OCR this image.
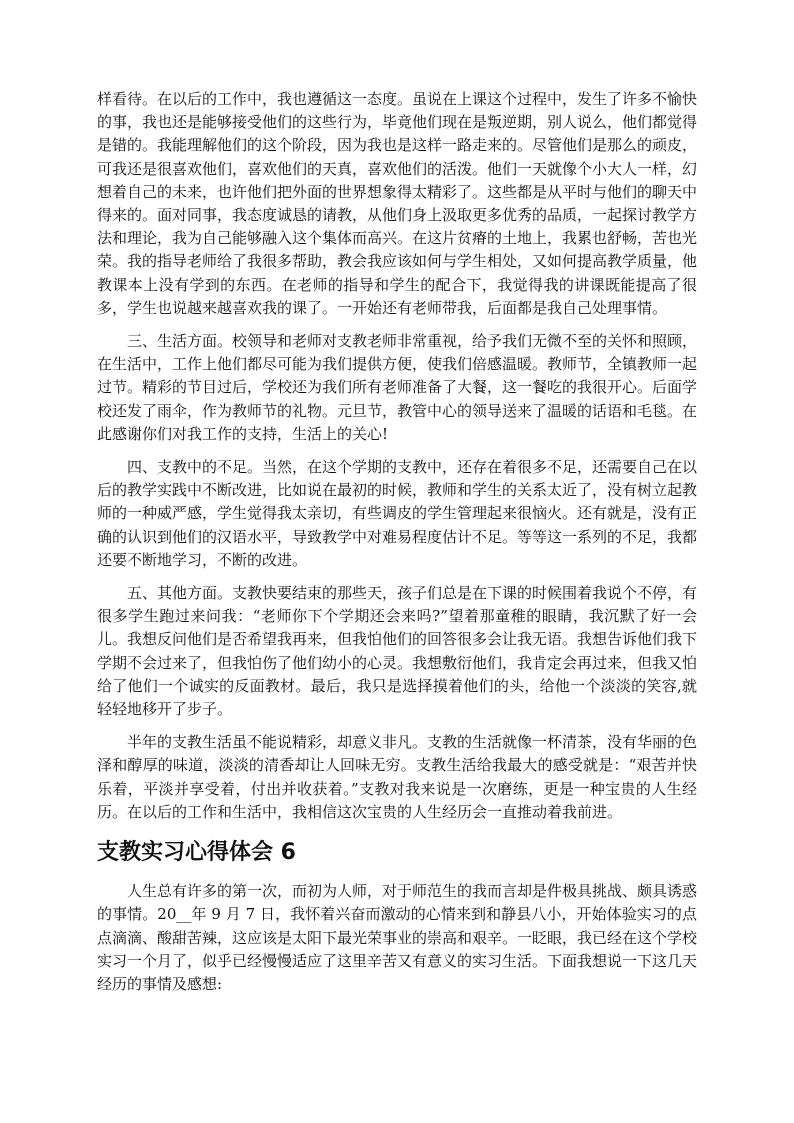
样看待。在以后的工作中，我也遵循这一态度。虽说在上课这个过程中，发生了许多不愉快的事，我也还是能够接受他们的这些行为，毕竟他们现在是叛逆期，别人说么，他们都觉得是错的。我能理解他们的这个阶段，因为我也是这样一路走来的。尽管他们是那么的顽皮，可我还是很喜欢他们，喜欢他们的天真，喜欢他们的活泼。他们一天就像个小大人一样，幻想着自己的未来，也许他们把外面的世界想象得太精彩了。这些都是从平时与他们的聊天中得来的。面对同事，我态度诚恳的请教，从他们身上汲取更多优秀的品质，一起探讨教学方法和理论，我为自己能够融入这个集体而高兴。在这片贫瘠的土地上，我累也舒畅，苦也光荣。我的指导老师给了我很多帮助，教会我应该如何与学生相处，又如何提高教学质量，他教课本上没有学到的东西。在老师的指导和学生的配合下，我觉得我的讲课既能提高了很多，学生也说越来越喜欢我的课了。一开始还有老师带我，后面都是我自己处理事情。

三、生活方面。校领导和老师对支教老师非常重视，给予我们无微不至的关怀和照顾，在生活中，工作上他们都尽可能为我们提供方便，使我们倍感温暖。教师节，全镇教师一起过节。精彩的节目过后，学校还为我们所有老师准备了大餐，这一餐吃的我很开心。后面学校还发了雨伞，作为教师节的礼物。元旦节，教管中心的领导送来了温暖的话语和毛毯。在此感谢你们对我工作的支持，生活上的关心!

四、支教中的不足。当然，在这个学期的支教中，还存在着很多不足，还需要自己在以后的教学实践中不断改进，比如说在最初的时候，教师和学生的关系太近了，没有树立起教师的一种威严感，学生觉得我太亲切，有些调皮的学生管理起来很恼火。还有就是，没有正确的认识到他们的汉语水平，导致教学中对难易程度估计不足。等等这一系列的不足，我都还要不断地学习，不断的改进。

五、其他方面。支教快要结束的那些天，孩子们总是在下课的时候围着我说个不停，有很多学生跑过来问我：“老师你下个学期还会来吗?”望着那童稚的眼睛，我沉默了好一会儿。我想反问他们是否希望我再来，但我怕他们的回答很多会让我无语。我想告诉他们我下学期不会过来了，但我怕伤了他们幼小的心灵。我想敷衍他们，我肯定会再过来，但我又怕给了他们一个诚实的反面教材。最后，我只是选择摸着他们的头，给他一个淡淡的笑容,就轻轻地移开了步子。

半年的支教生活虽不能说精彩，却意义非凡。支教的生活就像一杯清茶，没有华丽的色泽和醇厚的味道，淡淡的清香却让人回味无穷。支教生活给我最大的感受就是：“艰苦并快乐着，平淡并享受着，付出并收获着。”支教对我来说是一次磨练，更是一种宝贵的人生经历。在以后的工作和生活中，我相信这次宝贵的人生经历会一直推动着我前进。

支教实习心得体会 6

人生总有许多的第一次，而初为人师，对于师范生的我而言却是件极具挑战、颇具诱惑的事情。20__年 9 月 7 日，我怀着兴奋而激动的心情来到和静县八小，开始体验实习的点点滴滴、酸甜苦辣，这应该是太阳下最光荣事业的崇高和艰辛。一眨眼，我已经在这个学校实习一个月了，似乎已经慢慢适应了这里辛苦又有意义的实习生活。下面我想说一下这几天经历的事情及感想:
